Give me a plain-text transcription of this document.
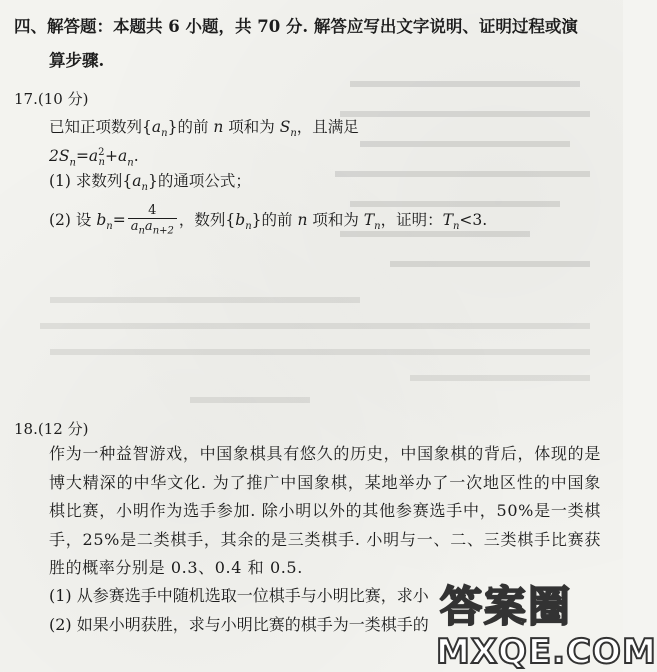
四、解答题：本题共 6 小题，共 70 分. 解答应写出文字说明、证明过程或演
算步骤.
17.(10 分)
已知正项数列$\{a_n\}$的前 n 项和为 $S_n$，且满足
$2S_n=a^2_n+a_n$.
(1) 求数列$\{a_n\}$的通项公式；
(2) 设 $b_n= \frac{4}{a_na_{n+2}}$ ，数列$\{b_n\}$的前 n 项和为 $T_n$，证明：$T_n<3$.
18.(12 分)
作为一种益智游戏，中国象棋具有悠久的历史，中国象棋的背后，体现的是博大精深的中华文化. 为了推广中国象棋，某地举办了一次地区性的中国象棋比赛，小明作为选手参加. 除小明以外的其他参赛选手中，50%是一类棋手，25%是二类棋手，其余的是三类棋手. 小明与一、二、三类棋手比赛获胜的概率分别是 0.3、0.4 和 0.5.
(1) 从参赛选手中随机选取一位棋手与小明比赛，求小
(2) 如果小明获胜，求与小明比赛的棋手为一类棋手的 答案圈
MXQE.COM
